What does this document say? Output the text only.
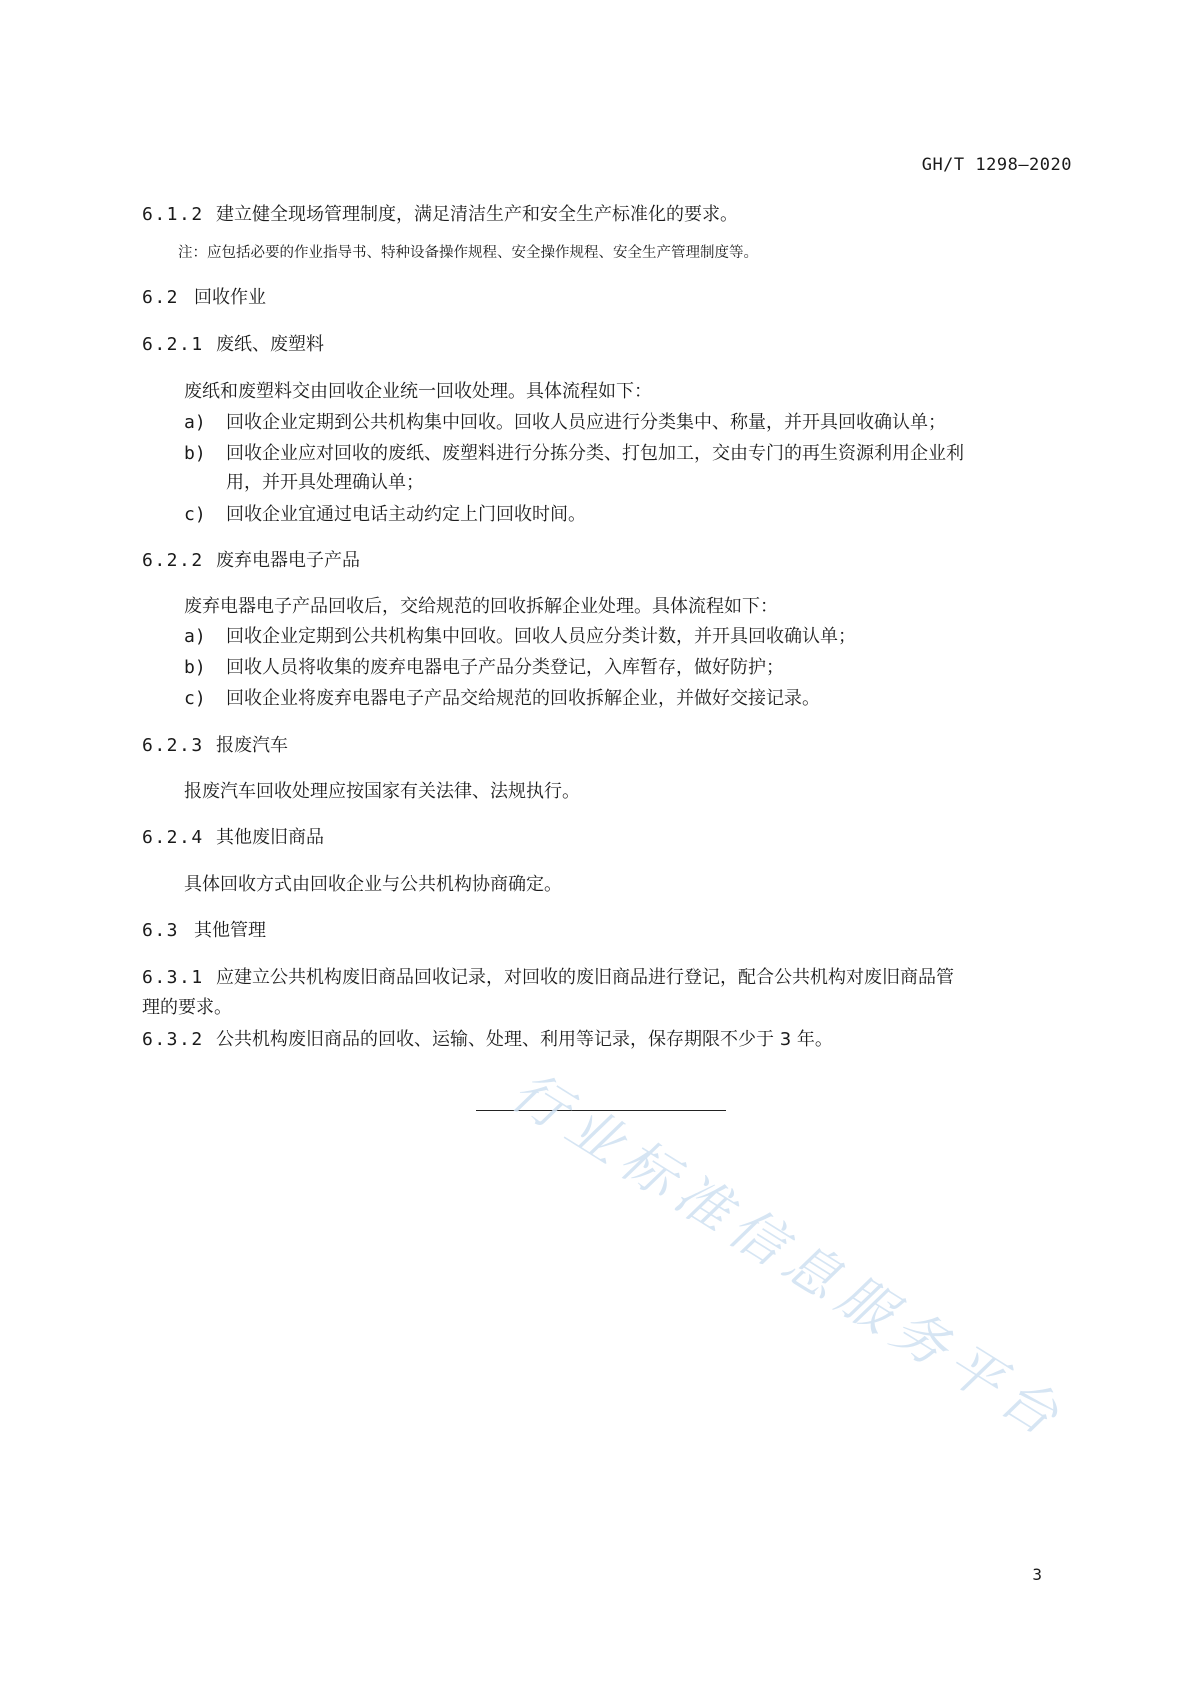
GH/T 1298—2020
6.1.2 建立健全现场管理制度，满足清洁生产和安全生产标准化的要求。
注：应包括必要的作业指导书、特种设备操作规程、安全操作规程、安全生产管理制度等。
6.2 回收作业
6.2.1 废纸、废塑料
废纸和废塑料交由回收企业统一回收处理。具体流程如下：
a) 回收企业定期到公共机构集中回收。回收人员应进行分类集中、称量，并开具回收确认单；
b) 回收企业应对回收的废纸、废塑料进行分拣分类、打包加工，交由专门的再生资源利用企业利
用，并开具处理确认单；
c) 回收企业宜通过电话主动约定上门回收时间。
6.2.2 废弃电器电子产品
废弃电器电子产品回收后，交给规范的回收拆解企业处理。具体流程如下：
a) 回收企业定期到公共机构集中回收。回收人员应分类计数，并开具回收确认单；
b) 回收人员将收集的废弃电器电子产品分类登记，入库暂存，做好防护；
c) 回收企业将废弃电器电子产品交给规范的回收拆解企业，并做好交接记录。
6.2.3 报废汽车
报废汽车回收处理应按国家有关法律、法规执行。
6.2.4 其他废旧商品
具体回收方式由回收企业与公共机构协商确定。
6.3 其他管理
6.3.1 应建立公共机构废旧商品回收记录，对回收的废旧商品进行登记，配合公共机构对废旧商品管
理的要求。
6.3.2 公共机构废旧商品的回收、运输、处理、利用等记录，保存期限不少于 3 年。
行业标准信息服务平台
3
